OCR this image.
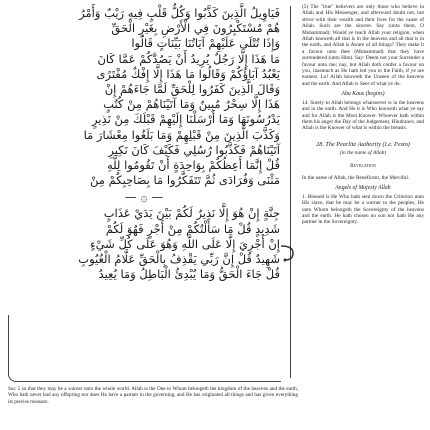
فَيَاوِيلُ الَّذِينَ كَذَّبُوا وَكُلُّ قَلْبٍ فِيهِ رَيْبٌ وَأَمْرُ

هُمْ مُسْتَكْبِرُونَ فِي الْأَرْضِ بِغَيْرِ الْحَقِّ

وَإِذَا تُتْلَى عَلَيْهِمْ آيَاتُنَا بَيِّنَاتٍ قَالُوا

مَا هَذَا إِلَّا رَجُلٌ يُرِيدُ أَنْ يَصُدَّكُمْ عَمَّا كَانَ

يَعْبُدُ آبَاؤُكُمْ وَقَالُوا مَا هَذَا إِلَّا إِفْكٌ مُفْتَرًى

وَقَالَ الَّذِينَ كَفَرُوا لِلْحَقِّ لَمَّا جَاءَهُمْ إِنْ

هَذَا إِلَّا سِحْرٌ مُبِينٌ وَمَا آتَيْنَاهُمْ مِنْ كُتُبٍ

يَدْرُسُونَهَا وَمَا أَرْسَلْنَا إِلَيْهِمْ قَبْلَكَ مِنْ نَذِيرٍ

وَكَذَّبَ الَّذِينَ مِنْ قَبْلِهِمْ وَمَا بَلَغُوا مِعْشَارَ مَا

آتَيْنَاهُمْ فَكَذَّبُوا رُسُلِي فَكَيْفَ كَانَ نَكِيرِ

قُلْ إِنَّمَا أَعِظُكُمْ بِوَاحِدَةٍ أَنْ تَقُومُوا لِلَّهِ

مَثْنَى وَفُرَادَى ثُمَّ تَتَفَكَّرُوا مَا بِصَاحِبِكُمْ مِنْ

— ۞ —

جِنَّةٍ إِنْ هُوَ إِلَّا نَذِيرٌ لَكُمْ بَيْنَ يَدَيْ عَذَابٍ

شَدِيدٍ قُلْ مَا سَأَلْتُكُمْ مِنْ أَجْرٍ فَهُوَ لَكُمْ

إِنْ أَجْرِيَ إِلَّا عَلَى اللَّهِ وَهُوَ عَلَى كُلِّ شَيْءٍ

شَهِيدٌ قُلْ إِنَّ رَبِّي يَقْذِفُ بِالْحَقِّ عَلَّامُ الْغُيُوبِ

قُلْ جَاءَ الْحَقُّ وَمَا يُبْدِئُ الْبَاطِلُ وَمَا يُعِيدُ

(5) The "true" believers are only those who believe in Allah and His Messenger, and afterward doubt not, but strive with their wealth and their lives for the cause of Allah. Such are the sincere. Say (unto them, O Muhammad): Would ye teach Allah your religion, when Allah knoweth all that is in the heavens and all that is in the earth, and Allah is Aware of all things? They make it a favour unto thee (Muhammad) that they have surrendered (unto Him). Say: Deem not your Surrender a favour unto me; nay, but Allah doth confer a favour on you, inasmuch as He hath led you to the Faith, if ye are earnest. Lo! Allah knoweth the Unseen of the heavens and the earth. And Allah is Seer of what ye do.

Abu Kaus (begins)

14. Surely to Allah belongs whatsoever is in the heavens and in the earth. And He it is Who knoweth what ye say and for Allah is the Most Knower. Whoever hath within them his anger the Day of the Judgement, Hindrance, and Allah is the Knower of what is within the breasts.

28. The Pearlite Authority (I.e. Pesto)

(in the name of Allah)

Revelation

In the name of Allah, the Beneficent, the Merciful.

Angels of Majesty Allah

1. Blessed is He Who hath sent down the Criterion unto His slave, that he may be a warner to the peoples; He unto Whom belongeth the Sovereignty of the heavens and the earth. He hath chosen no son nor hath He any partner in the Sovereignty.

Sur. 5 so that they may be a warner unto the whole world. Allah is the One to Whom belongeth the kingdom of the heavens and the earth, Who hath never had any offspring nor does He have a partner in the governing, and He has originated all things and has given everything its precise measure.
